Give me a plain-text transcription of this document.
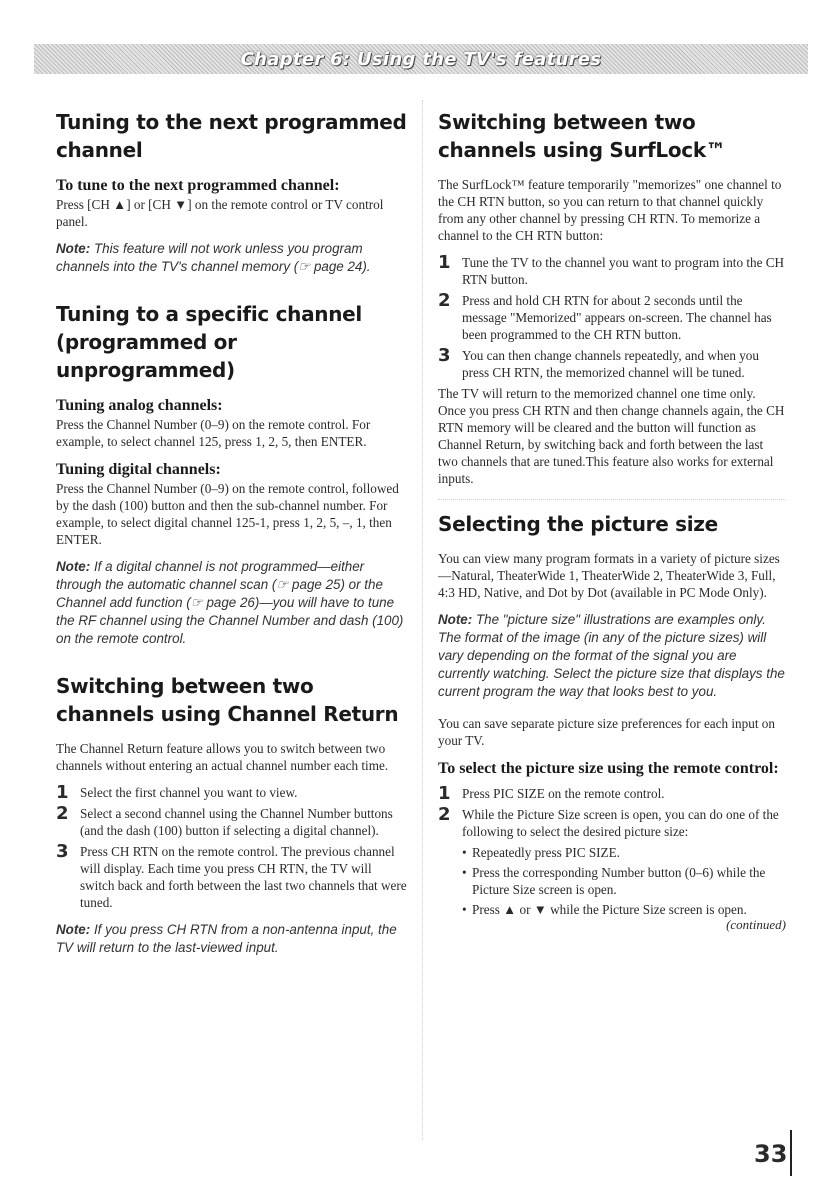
Chapter 6: Using the TV's features
Tuning to the next programmed channel
To tune to the next programmed channel:

Press [CH ▲] or [CH ▼] on the remote control or TV control panel.

Note: This feature will not work unless you program channels into the TV's channel memory (☞ page 24).
Tuning to a specific channel (programmed or unprogrammed)
Tuning analog channels:

Press the Channel Number (0–9) on the remote control. For example, to select channel 125, press 1, 2, 5, then ENTER.

Tuning digital channels:

Press the Channel Number (0–9) on the remote control, followed by the dash (100) button and then the sub-channel number. For example, to select digital channel 125-1, press 1, 2, 5, –, 1, then ENTER.

Note: If a digital channel is not programmed—either through the automatic channel scan (☞ page 25) or the Channel add function (☞ page 26)—you will have to tune the RF channel using the Channel Number and dash (100) on the remote control.
Switching between two channels using Channel Return

The Channel Return feature allows you to switch between two channels without entering an actual channel number each time.

1 Select the first channel you want to view.
2 Select a second channel using the Channel Number buttons (and the dash (100) button if selecting a digital channel).
3 Press CH RTN on the remote control. The previous channel will display. Each time you press CH RTN, the TV will switch back and forth between the last two channels that were tuned.
Note: If you press CH RTN from a non-antenna input, the TV will return to the last-viewed input.
Switching between two channels using SurfLock™

The SurfLock™ feature temporarily "memorizes" one channel to the CH RTN button, so you can return to that channel quickly from any other channel by pressing CH RTN. To memorize a channel to the CH RTN button:

1 Tune the TV to the channel you want to program into the CH RTN button.
2 Press and hold CH RTN for about 2 seconds until the message "Memorized" appears on-screen. The channel has been programmed to the CH RTN button.
3 You can then change channels repeatedly, and when you press CH RTN, the memorized channel will be tuned.

The TV will return to the memorized channel one time only. Once you press CH RTN and then change channels again, the CH RTN memory will be cleared and the button will function as Channel Return, by switching back and forth between the last two channels that are tuned.This feature also works for external inputs.

Selecting the picture size

You can view many program formats in a variety of picture sizes—Natural, TheaterWide 1, TheaterWide 2, TheaterWide 3, Full, 4:3 HD, Native, and Dot by Dot (available in PC Mode Only).

Note: The "picture size" illustrations are examples only. The format of the image (in any of the picture sizes) will vary depending on the format of the signal you are currently watching. Select the picture size that displays the current program the way that looks best to you.

You can save separate picture size preferences for each input on your TV.

To select the picture size using the remote control:
1 Press PIC SIZE on the remote control.
2 While the Picture Size screen is open, you can do one of the following to select the desired picture size:
• Repeatedly press PIC SIZE.
• Press the corresponding Number button (0–6) while the Picture Size screen is open.
• Press ▲ or ▼ while the Picture Size screen is open.
(continued)
33
